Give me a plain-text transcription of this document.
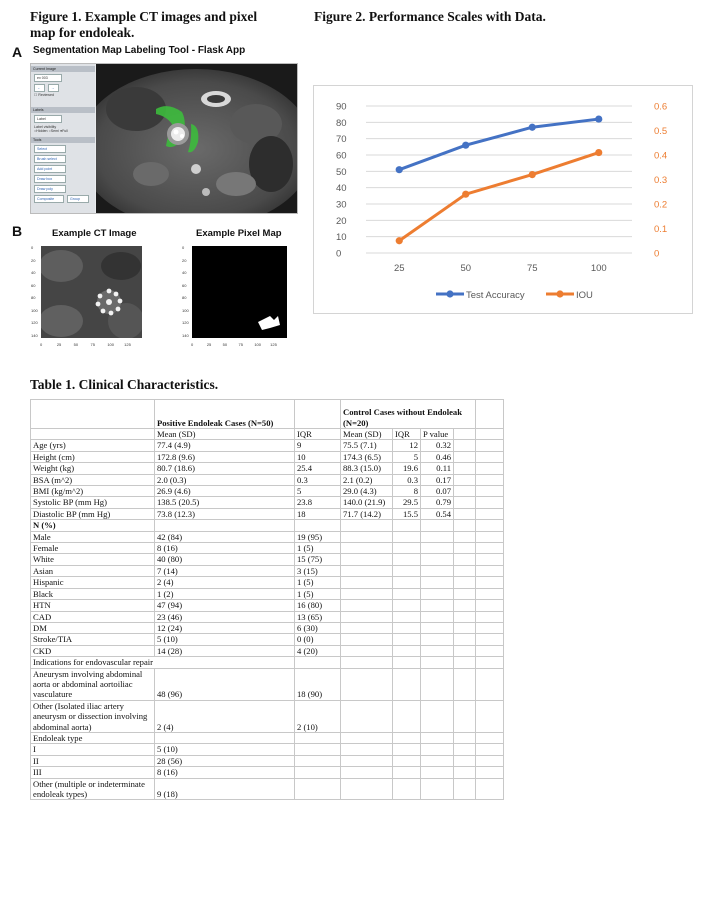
Figure 1. Example CT images and pixel
map for endoleak.
A Segmentation Map Labeling Tool - Flask App
Current Image
ex 003
←	→
☐ Reviewed
Labels
Label
Label visibility
○Hidden ○Semi ●Full
Tools
Select
Brush select
Add point
Draw box
Draw poly
Composite	Group
B	Example CT Image	Example Pixel Map
0
20
40
60
80
100
120
140
0	25	50	75	100	125
0
20
40
60
80
100
120
140
0	25	50	75	100 125
Figure 2. Performance Scales with Data.
0
10
20
30
40
50
60
70
80
90
0
0.1
0.2
0.3
0.4
0.5
0.6
25	50	75	100
Test Accuracy	IOU
Table 1. Clinical Characteristics.
	Positive Endoleak Cases (N=50)		Control Cases without Endoleak (N=20)				
	Mean (SD)	IQR	Mean (SD)	IQR	P value		
Age (yrs)	77.4 (4.9)	9	75.5 (7.1)	12	0.32		
Height (cm)	172.8 (9.6)	10	174.3 (6.5)	5	0.46		
Weight (kg)	80.7 (18.6)	25.4	88.3 (15.0)	19.6	0.11		
BSA (m^2)	2.0 (0.3)	0.3	2.1 (0.2)	0.3	0.17		
BMI (kg/m^2)	26.9 (4.6)	5	29.0 (4.3)	8	0.07		
Systolic BP (mm Hg)	138.5 (20.5)	23.8	140.0 (21.9)	29.5	0.79		
Diastolic BP (mm Hg)	73.8 (12.3)	18	71.7 (14.2)	15.5	0.54		
N (%)							
Male	42 (84)	19 (95)					
Female	8 (16)	1 (5)					
White	40 (80)	15 (75)					
Asian	7 (14)	3 (15)					
Hispanic	2 (4)	1 (5)					
Black	1 (2)	1 (5)					
HTN	47 (94)	16 (80)					
CAD	23 (46)	13 (65)					
DM	12 (24)	6 (30)					
Stroke/TIA	5 (10)	0 (0)					
CKD	14 (28)	4 (20)					
Indications for endovascular repair							
Aneurysm involving abdominal aorta or abdominal aortoiliac vasculature	48 (96)	18 (90)					
Other (Isolated iliac artery aneurysm or dissection involving abdominal aorta)	2 (4)	2 (10)					
Endoleak type							
I	5 (10)						
II	28 (56)						
III	8 (16)						
Other (multiple or indeterminate endoleak types)	9 (18)						
